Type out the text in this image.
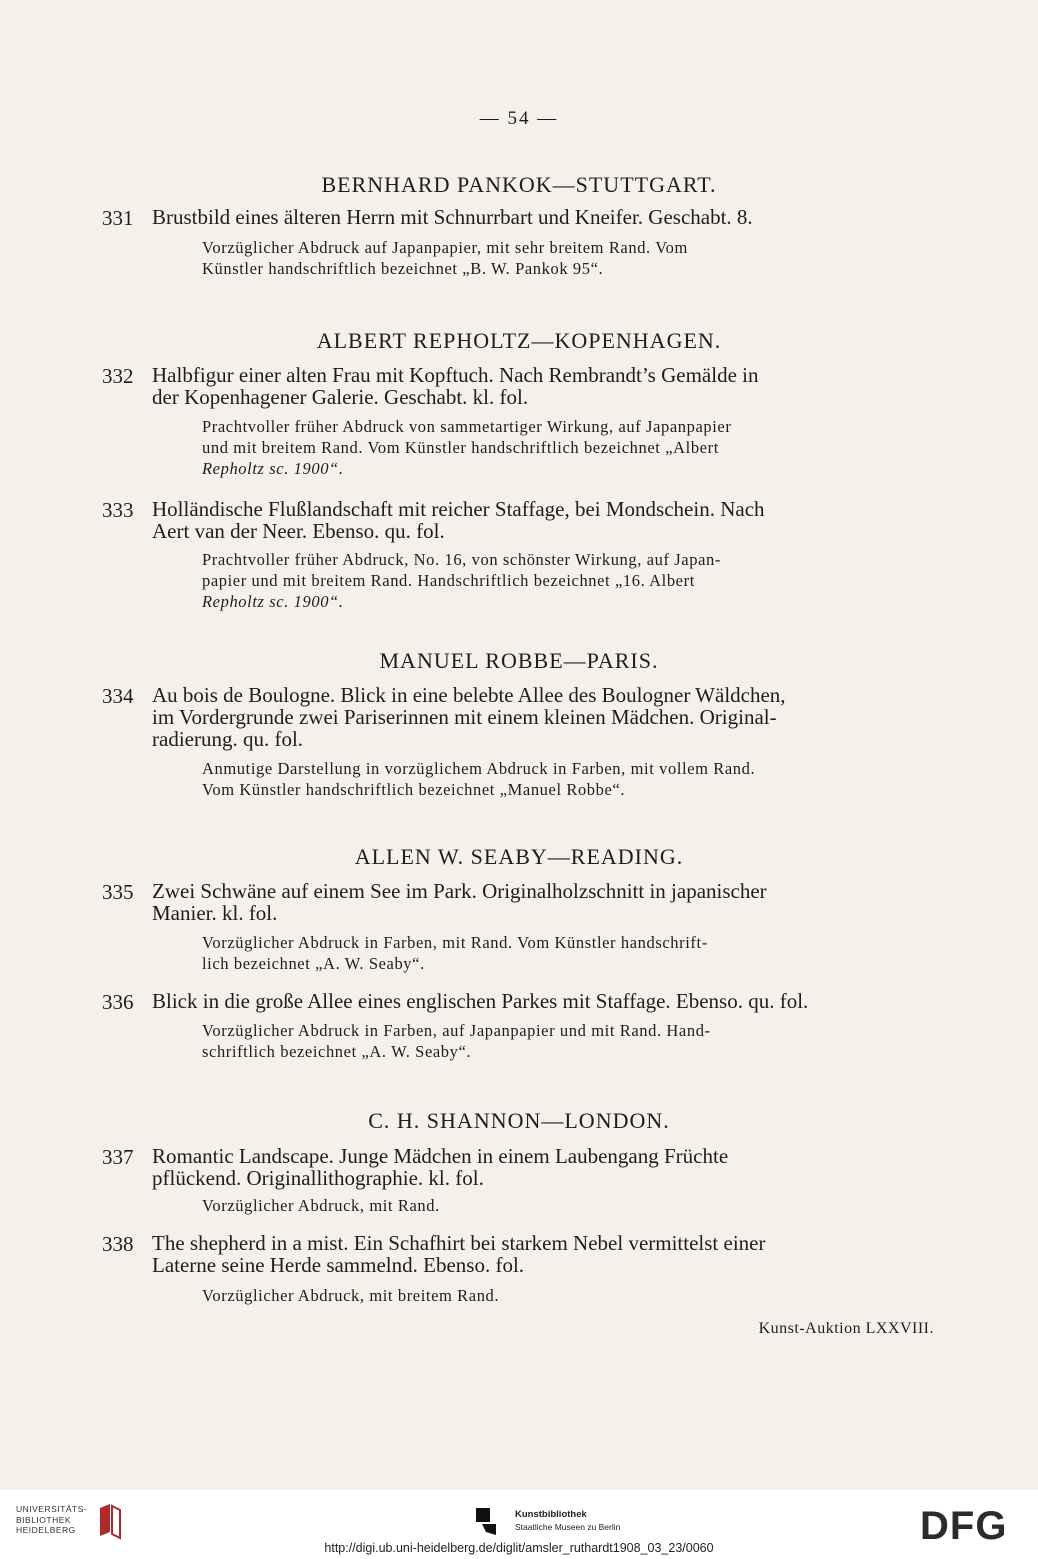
— 54 —
BERNHARD PANKOK—STUTTGART.
331 Brustbild eines älteren Herrn mit Schnurrbart und Kneifer. Geschabt. 8.
Vorzüglicher Abdruck auf Japanpapier, mit sehr breitem Rand. Vom
Künstler handschriftlich bezeichnet „B. W. Pankok 95“.
ALBERT REPHOLTZ—KOPENHAGEN.
332 Halbfigur einer alten Frau mit Kopftuch. Nach Rembrandt’s Gemälde in
der Kopenhagener Galerie. Geschabt. kl. fol.
Prachtvoller früher Abdruck von sammetartiger Wirkung, auf Japanpapier
und mit breitem Rand. Vom Künstler handschriftlich bezeichnet „Albert
Repholtz sc. 1900“.
333 Holländische Flußlandschaft mit reicher Staffage, bei Mondschein. Nach
Aert van der Neer. Ebenso. qu. fol.
Prachtvoller früher Abdruck, No. 16, von schönster Wirkung, auf Japan-
papier und mit breitem Rand. Handschriftlich bezeichnet „16. Albert
Repholtz sc. 1900“.
MANUEL ROBBE—PARIS.
334 Au bois de Boulogne. Blick in eine belebte Allee des Boulogner Wäldchen,
im Vordergrunde zwei Pariserinnen mit einem kleinen Mädchen. Original-
radierung. qu. fol.
Anmutige Darstellung in vorzüglichem Abdruck in Farben, mit vollem Rand.
Vom Künstler handschriftlich bezeichnet „Manuel Robbe“.
ALLEN W. SEABY—READING.
335 Zwei Schwäne auf einem See im Park. Originalholzschnitt in japanischer
Manier. kl. fol.
Vorzüglicher Abdruck in Farben, mit Rand. Vom Künstler handschrift-
lich bezeichnet „A. W. Seaby“.
336 Blick in die große Allee eines englischen Parkes mit Staffage. Ebenso. qu. fol.
Vorzüglicher Abdruck in Farben, auf Japanpapier und mit Rand. Hand-
schriftlich bezeichnet „A. W. Seaby“.
C. H. SHANNON—LONDON.
337 Romantic Landscape. Junge Mädchen in einem Laubengang Früchte
pflückend. Originallithographie. kl. fol.
Vorzüglicher Abdruck, mit Rand.
338 The shepherd in a mist. Ein Schafhirt bei starkem Nebel vermittelst einer
Laterne seine Herde sammelnd. Ebenso. fol.
Vorzüglicher Abdruck, mit breitem Rand.
Kunst-Auktion LXXVIII.
UNIVERSITÄTS-
BIBLIOTHEK
HEIDELBERG
Kunstbibliothek
Staatliche Museen zu Berlin	DFG
http://digi.ub.uni-heidelberg.de/diglit/amsler_ruthardt1908_03_23/0060
